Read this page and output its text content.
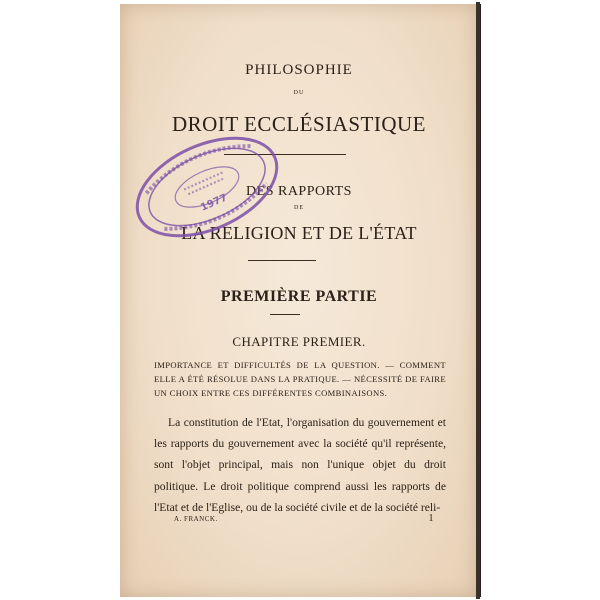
PHILOSOPHIE
DU
DROIT ECCLÉSIASTIQUE
DES RAPPORTS
DE
LA RELIGION ET DE L'ÉTAT
PREMIÈRE PARTIE
CHAPITRE PREMIER.
IMPORTANCE ET DIFFICULTÉS DE LA QUESTION. — COMMENT ELLE A ÉTÉ RÉSOLUE DANS LA PRATIQUE. — NÉCESSITÉ DE FAIRE UN CHOIX ENTRE CES DIFFÉRENTES COMBINAISONS.
La constitution de l'Etat, l'organisation du gouvernement et les rapports du gouvernement avec la société qu'il représente, sont l'objet principal, mais non l'unique objet du droit politique. Le droit politique comprend aussi les rapports de l'Etat et de l'Eglise, ou de la société civile et de la société reli-
A. FRANCK.	1
1977
